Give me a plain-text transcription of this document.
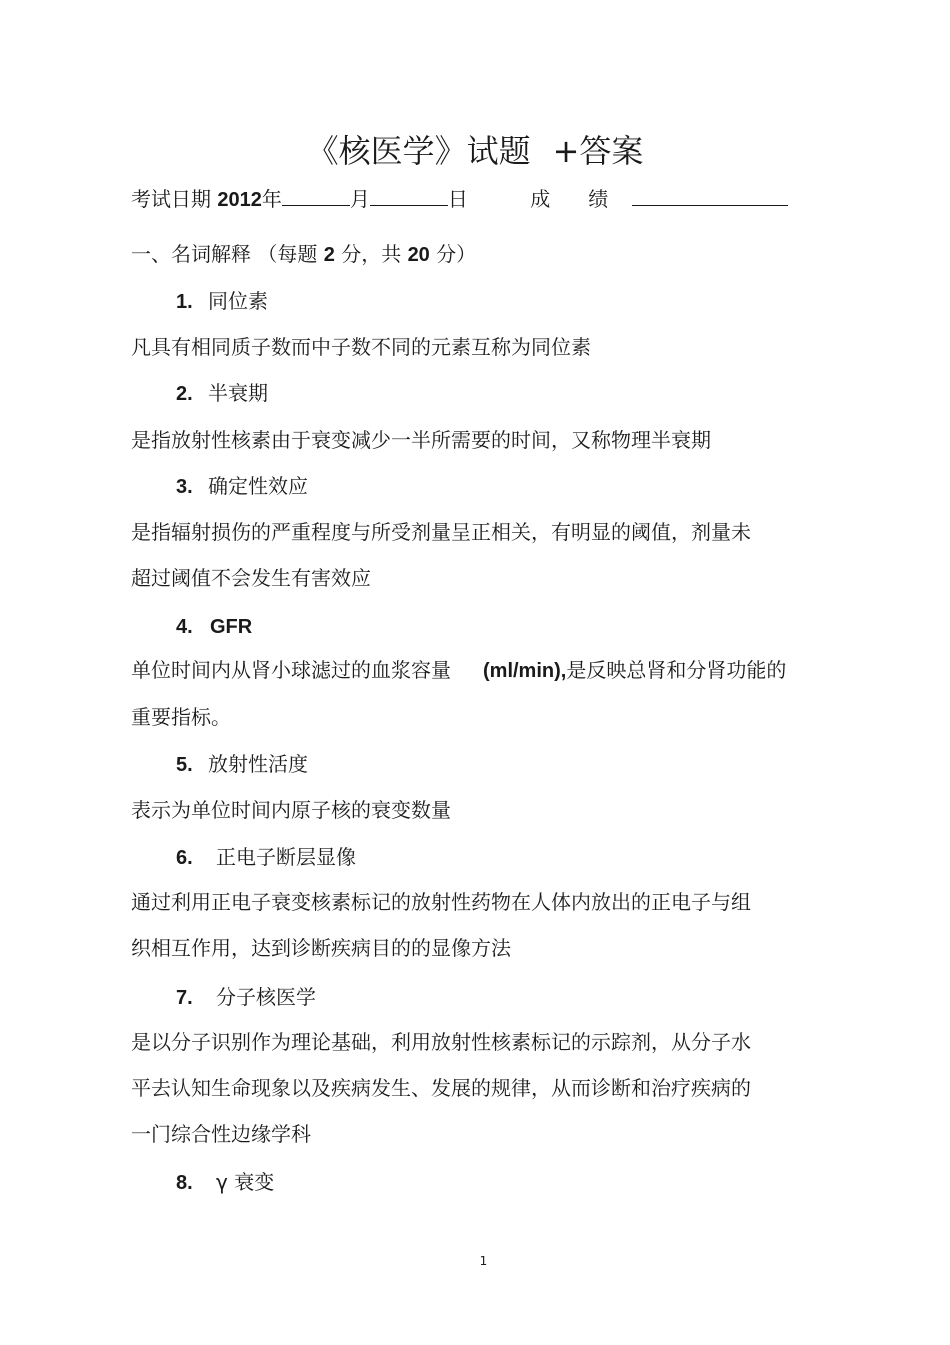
《核医学》试题 +答案
考试日期 2012年	月	日	成 绩
一、名词解释 （每题 2 分，共 20 分）
1. 同位素
凡具有相同质子数而中子数不同的元素互称为同位素
2. 半衰期
是指放射性核素由于衰变减少一半所需要的时间，又称物理半衰期
3. 确定性效应
是指辐射损伤的严重程度与所受剂量呈正相关，有明显的阈值，剂量未
超过阈值不会发生有害效应
4. GFR
单位时间内从肾小球滤过的血浆容量 (ml/min),是反映总肾和分肾功能的
重要指标。
5. 放射性活度
表示为单位时间内原子核的衰变数量
6. 正电子断层显像
通过利用正电子衰变核素标记的放射性药物在人体内放出的正电子与组
织相互作用，达到诊断疾病目的的显像方法
7. 分子核医学
是以分子识别作为理论基础，利用放射性核素标记的示踪剂，从分子水
平去认知生命现象以及疾病发生、发展的规律，从而诊断和治疗疾病的
一门综合性边缘学科
8. γ 衰变
1
